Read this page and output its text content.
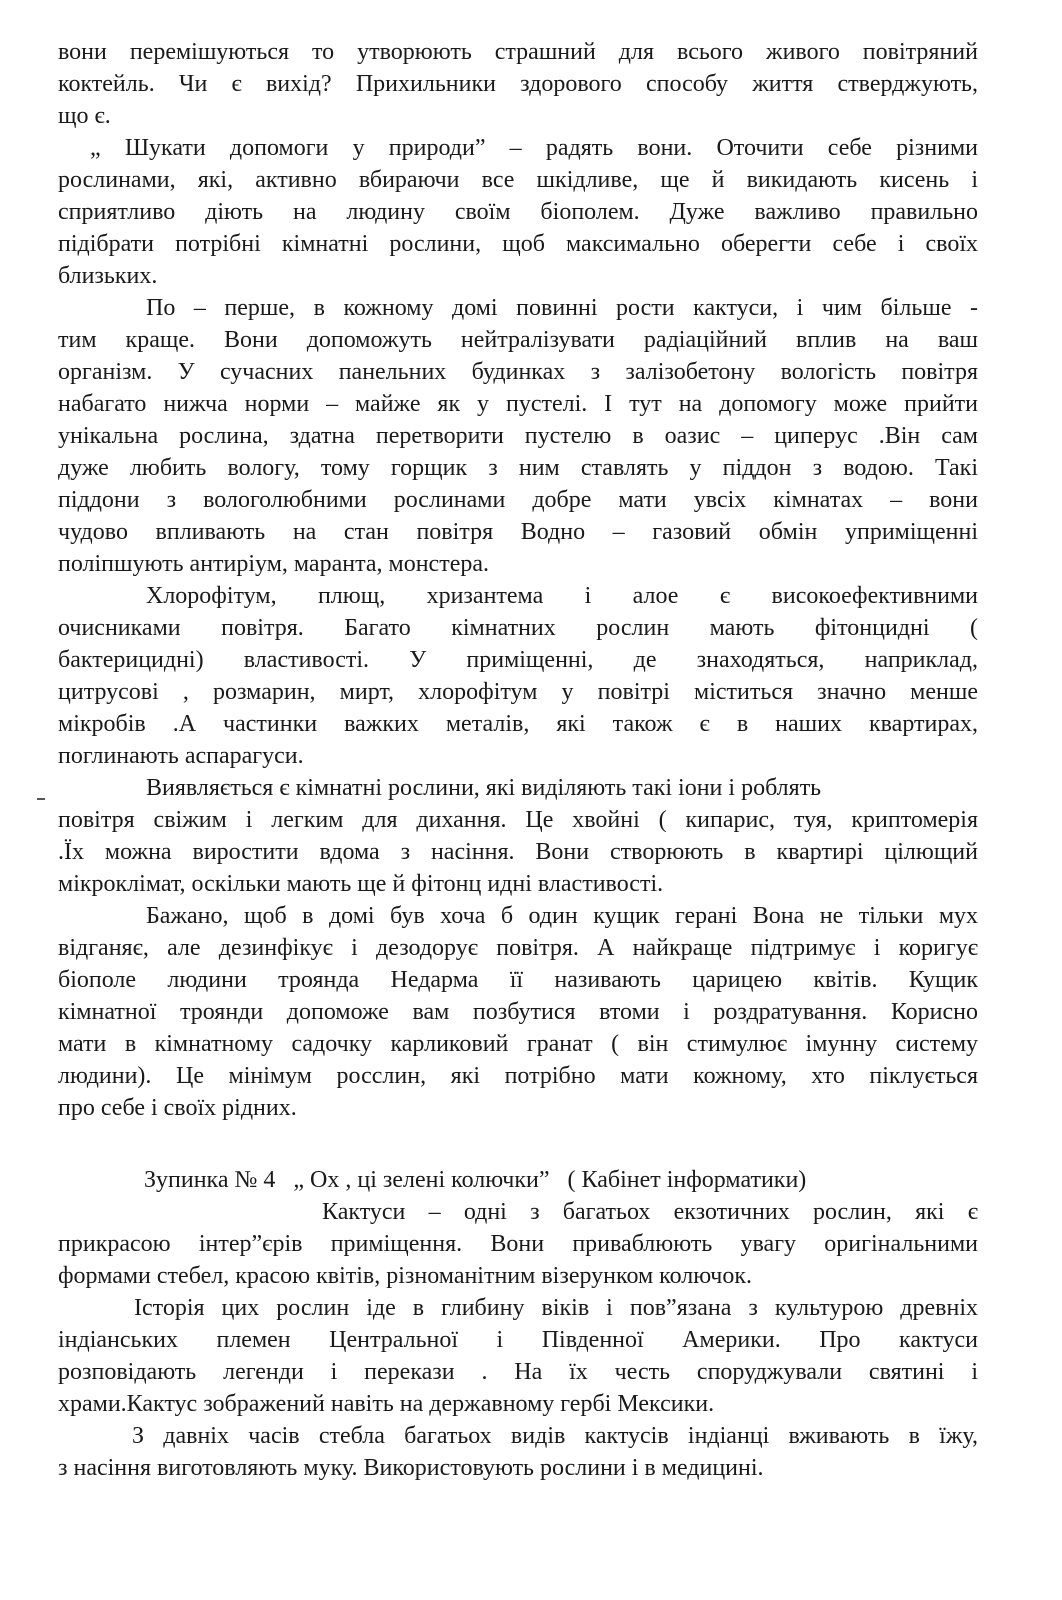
вони перемішуються то утворюють страшний для всього живого повітряний
коктейль. Чи є вихід? Прихильники здорового способу життя стверджують,
що є.
„ Шукати допомоги у природи” – радять вони. Оточити себе різними
рослинами, які, активно вбираючи все шкідливе, ще й викидають кисень і
сприятливо діють на людину своїм біополем. Дуже важливо правильно
підібрати потрібні кімнатні рослини, щоб максимально оберегти себе і своїх
близьких.
По – перше, в кожному домі повинні рости кактуси, і чим більше -
тим краще. Вони допоможуть нейтралізувати радіаційний вплив на ваш
організм. У сучасних панельних будинках з залізобетону вологість повітря
набагато нижча норми – майже як у пустелі. І тут на допомогу може прийти
унікальна рослина, здатна перетворити пустелю в оазис – циперус .Він сам
дуже любить вологу, тому горщик з ним ставлять у піддон з водою. Такі
піддони з вологолюбними рослинами добре мати увсіх кімнатах – вони
чудово впливають на стан повітря Водно – газовий обмін уприміщенні
поліпшують антиріум, маранта, монстера.
Хлорофітум, плющ, хризантема і алое є високоефективними
очисниками повітря. Багато кімнатних рослин мають фітонцидні (
бактерицидні) властивості. У приміщенні, де знаходяться, наприклад,
цитрусові , розмарин, мирт, хлорофітум у повітрі міститься значно менше
мікробів .А частинки важких металів, які також є в наших квартирах,
поглинають аспарагуси.
Виявляється є кімнатні рослини, які виділяють такі іони і роблять
повітря свіжим і легким для дихання. Це хвойні ( кипарис, туя, криптомерія
.Їх можна виростити вдома з насіння. Вони створюють в квартирі цілющий
мікроклімат, оскільки мають ще й фітонц идні властивості.
Бажано, щоб в домі був хоча б один кущик герані Вона не тільки мух
відганяє, але дезинфікує і дезодорує повітря. А найкраще підтримує і коригує
біополе людини троянда Недарма її називають царицею квітів. Кущик
кімнатної троянди допоможе вам позбутися втоми і роздратування. Корисно
мати в кімнатному садочку карликовий гранат ( він стимулює імунну систему
людини). Це мінімум росслин, які потрібно мати кожному, хто піклується
про себе і своїх рідних.
Зупинка № 4   „ Ох , ці зелені колючки”   ( Кабінет інформатики)
Кактуси – одні з багатьох екзотичних рослин, які є
прикрасою інтер”єрів приміщення. Вони приваблюють увагу оригінальними
формами стебел, красою квітів, різноманітним візерунком колючок.
Історія цих рослин іде в глибину віків і пов”язана з культурою древніх
індіанських племен Центральної і Південної Америки. Про кактуси
розповідають легенди і перекази . На їх честь споруджували святині і
храми.Кактус зображений навіть на державному гербі Мексики.
З давніх часів стебла багатьох видів кактусів індіанці вживають в їжу,
з насіння виготовляють муку. Використовують рослини і в медицині.
